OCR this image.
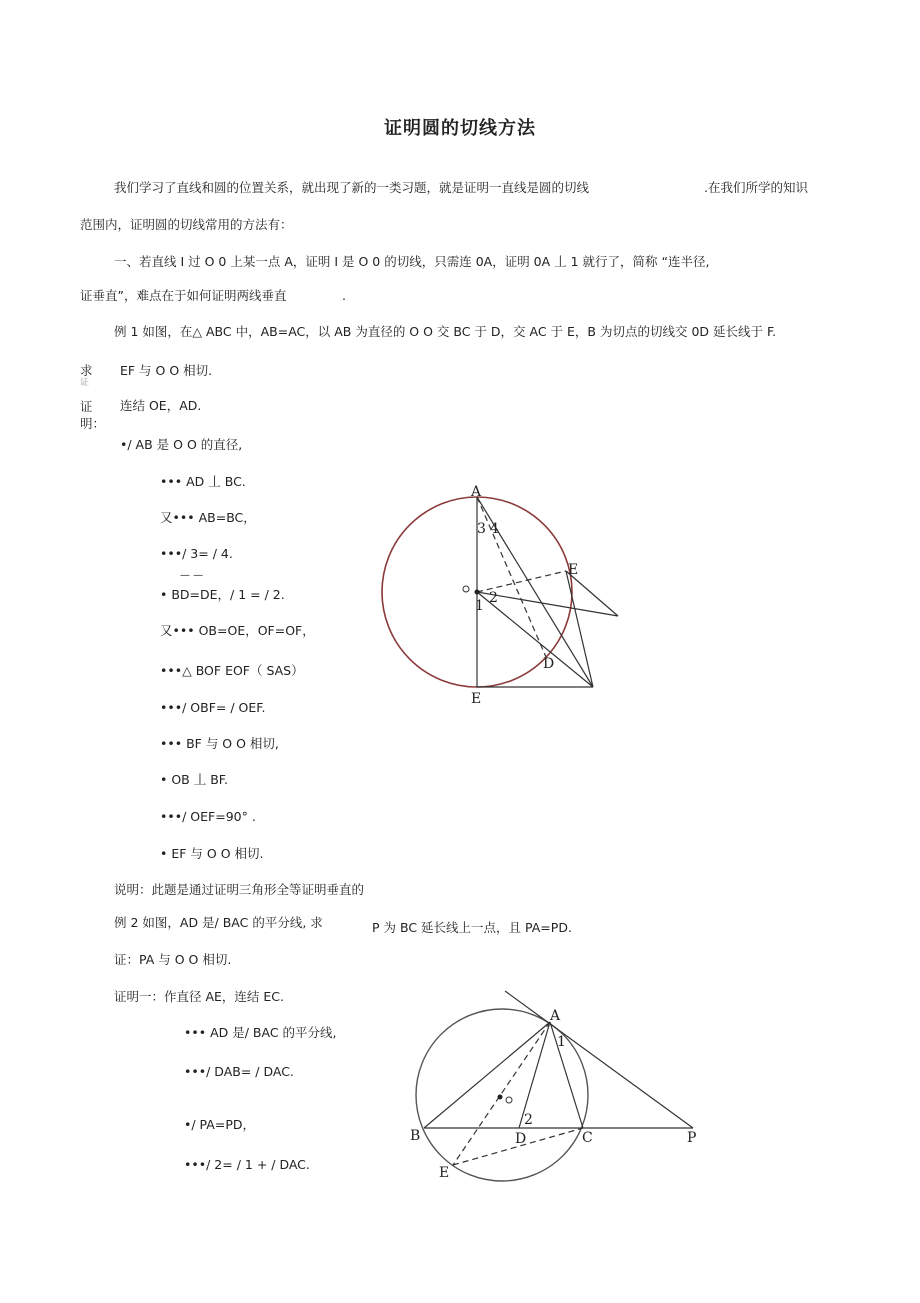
证明圆的切线方法
我们学习了直线和圆的位置关系，就出现了新的一类习题，就是证明一直线是圆的切线	.在我们所学的知识
范围内，证明圆的切线常用的方法有：
一、若直线 I 过 O 0 上某一点 A，证明 I 是 O 0 的切线，只需连 0A，证明 0A 丄 1 就行了，简称 “连半径,
证垂直”，难点在于如何证明两线垂直	.
例 1 如图，在△ ABC 中，AB=AC，以 AB 为直径的 O O 交 BC 于 D，交 AC 于 E，B 为切点的切线交 0D 延长线于 F.
求
证
EF 与 O O 相切.
证
明：
连结 OE，AD.
•/ AB 是 O O 的直径,
••• AD 丄 BC.
又••• AB=BC，
•••/ 3= / 4.
— —
• BD=DE，/ 1 = / 2.
又••• OB=OE，OF=OF，
•••△ BOF EOF（ SAS）
•••/ OBF= / OEF.
••• BF 与 O O 相切,
• OB 丄 BF.
•••/ OEF=90° .
• EF 与 O O 相切.
说明：此题是通过证明三角形全等证明垂直的
A
E
D
E
3 4
1 2
例 2 如图，AD 是/ BAC 的平分线, 求	P 为 BC 延长线上一点，且 PA=PD.
证：PA 与 O O 相切.
证明一：作直径 AE，连结 EC.
••• AD 是/ BAC 的平分线,
•••/ DAB= / DAC.
•/ PA=PD，
•••/ 2= / 1 + / DAC.
A
B	D	C	P
E
1
2
